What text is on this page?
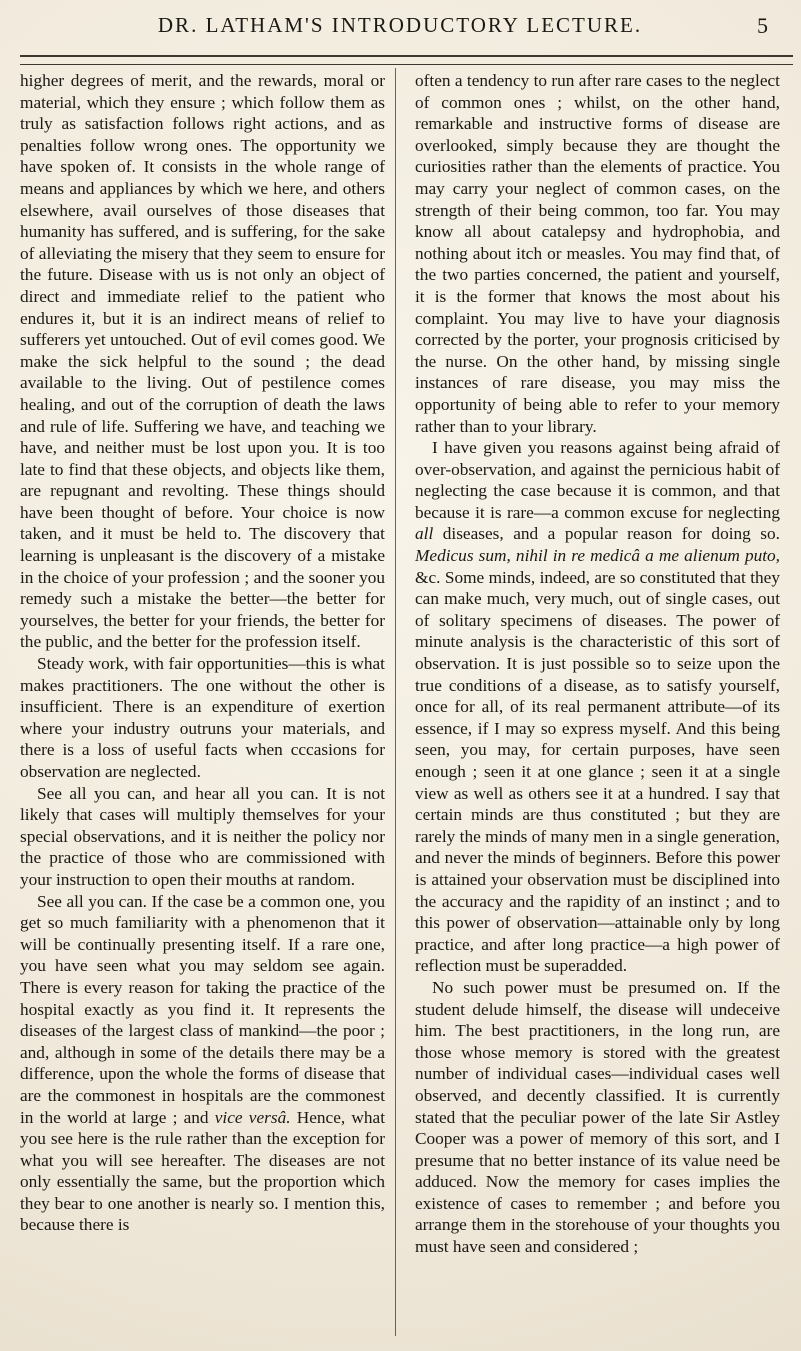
DR. LATHAM'S INTRODUCTORY LECTURE.	5

higher degrees of merit, and the rewards, moral or material, which they ensure ; which follow them as truly as satisfaction follows right actions, and as penalties follow wrong ones. The opportunity we have spoken of. It consists in the whole range of means and appliances by which we here, and others elsewhere, avail ourselves of those diseases that humanity has suffered, and is suffering, for the sake of alleviating the misery that they seem to ensure for the future. Disease with us is not only an object of direct and immediate relief to the patient who endures it, but it is an indirect means of relief to sufferers yet untouched. Out of evil comes good. We make the sick helpful to the sound ; the dead available to the living. Out of pestilence comes healing, and out of the corruption of death the laws and rule of life. Suffering we have, and teaching we have, and neither must be lost upon you. It is too late to find that these objects, and objects like them, are repugnant and revolting. These things should have been thought of before. Your choice is now taken, and it must be held to. The discovery that learning is unpleasant is the discovery of a mistake in the choice of your profession ; and the sooner you remedy such a mistake the better—the better for yourselves, the better for your friends, the better for the public, and the better for the profession itself.

Steady work, with fair opportunities—this is what makes practitioners. The one without the other is insufficient. There is an expenditure of exertion where your industry outruns your materials, and there is a loss of useful facts when cccasions for observation are neglected.

See all you can, and hear all you can. It is not likely that cases will multiply themselves for your special observations, and it is neither the policy nor the practice of those who are commissioned with your instruction to open their mouths at random.

See all you can. If the case be a common one, you get so much familiarity with a phenomenon that it will be continually presenting itself. If a rare one, you have seen what you may seldom see again. There is every reason for taking the practice of the hospital exactly as you find it. It represents the diseases of the largest class of mankind—the poor ; and, although in some of the details there may be a difference, upon the whole the forms of disease that are the commonest in hospitals are the commonest in the world at large ; and vice versâ. Hence, what you see here is the rule rather than the exception for what you will see hereafter. The diseases are not only essentially the same, but the proportion which they bear to one another is nearly so. I mention this, because there is

often a tendency to run after rare cases to the neglect of common ones ; whilst, on the other hand, remarkable and instructive forms of disease are overlooked, simply because they are thought the curiosities rather than the elements of practice. You may carry your neglect of common cases, on the strength of their being common, too far. You may know all about catalepsy and hydrophobia, and nothing about itch or measles. You may find that, of the two parties concerned, the patient and yourself, it is the former that knows the most about his complaint. You may live to have your diagnosis corrected by the porter, your prognosis criticised by the nurse. On the other hand, by missing single instances of rare disease, you may miss the opportunity of being able to refer to your memory rather than to your library.

I have given you reasons against being afraid of over-observation, and against the pernicious habit of neglecting the case because it is common, and that because it is rare—a common excuse for neglecting all diseases, and a popular reason for doing so. Medicus sum, nihil in re medicâ a me alienum puto, &c. Some minds, indeed, are so constituted that they can make much, very much, out of single cases, out of solitary specimens of diseases. The power of minute analysis is the characteristic of this sort of observation. It is just possible so to seize upon the true conditions of a disease, as to satisfy yourself, once for all, of its real permanent attribute—of its essence, if I may so express myself. And this being seen, you may, for certain purposes, have seen enough ; seen it at one glance ; seen it at a single view as well as others see it at a hundred. I say that certain minds are thus constituted ; but they are rarely the minds of many men in a single generation, and never the minds of beginners. Before this power is attained your observation must be disciplined into the accuracy and the rapidity of an instinct ; and to this power of observation—attainable only by long practice, and after long practice—a high power of reflection must be superadded.

No such power must be presumed on. If the student delude himself, the disease will undeceive him. The best practitioners, in the long run, are those whose memory is stored with the greatest number of individual cases—individual cases well observed, and decently classified. It is currently stated that the peculiar power of the late Sir Astley Cooper was a power of memory of this sort, and I presume that no better instance of its value need be adduced. Now the memory for cases implies the existence of cases to remember ; and before you arrange them in the storehouse of your thoughts you must have seen and considered ;
